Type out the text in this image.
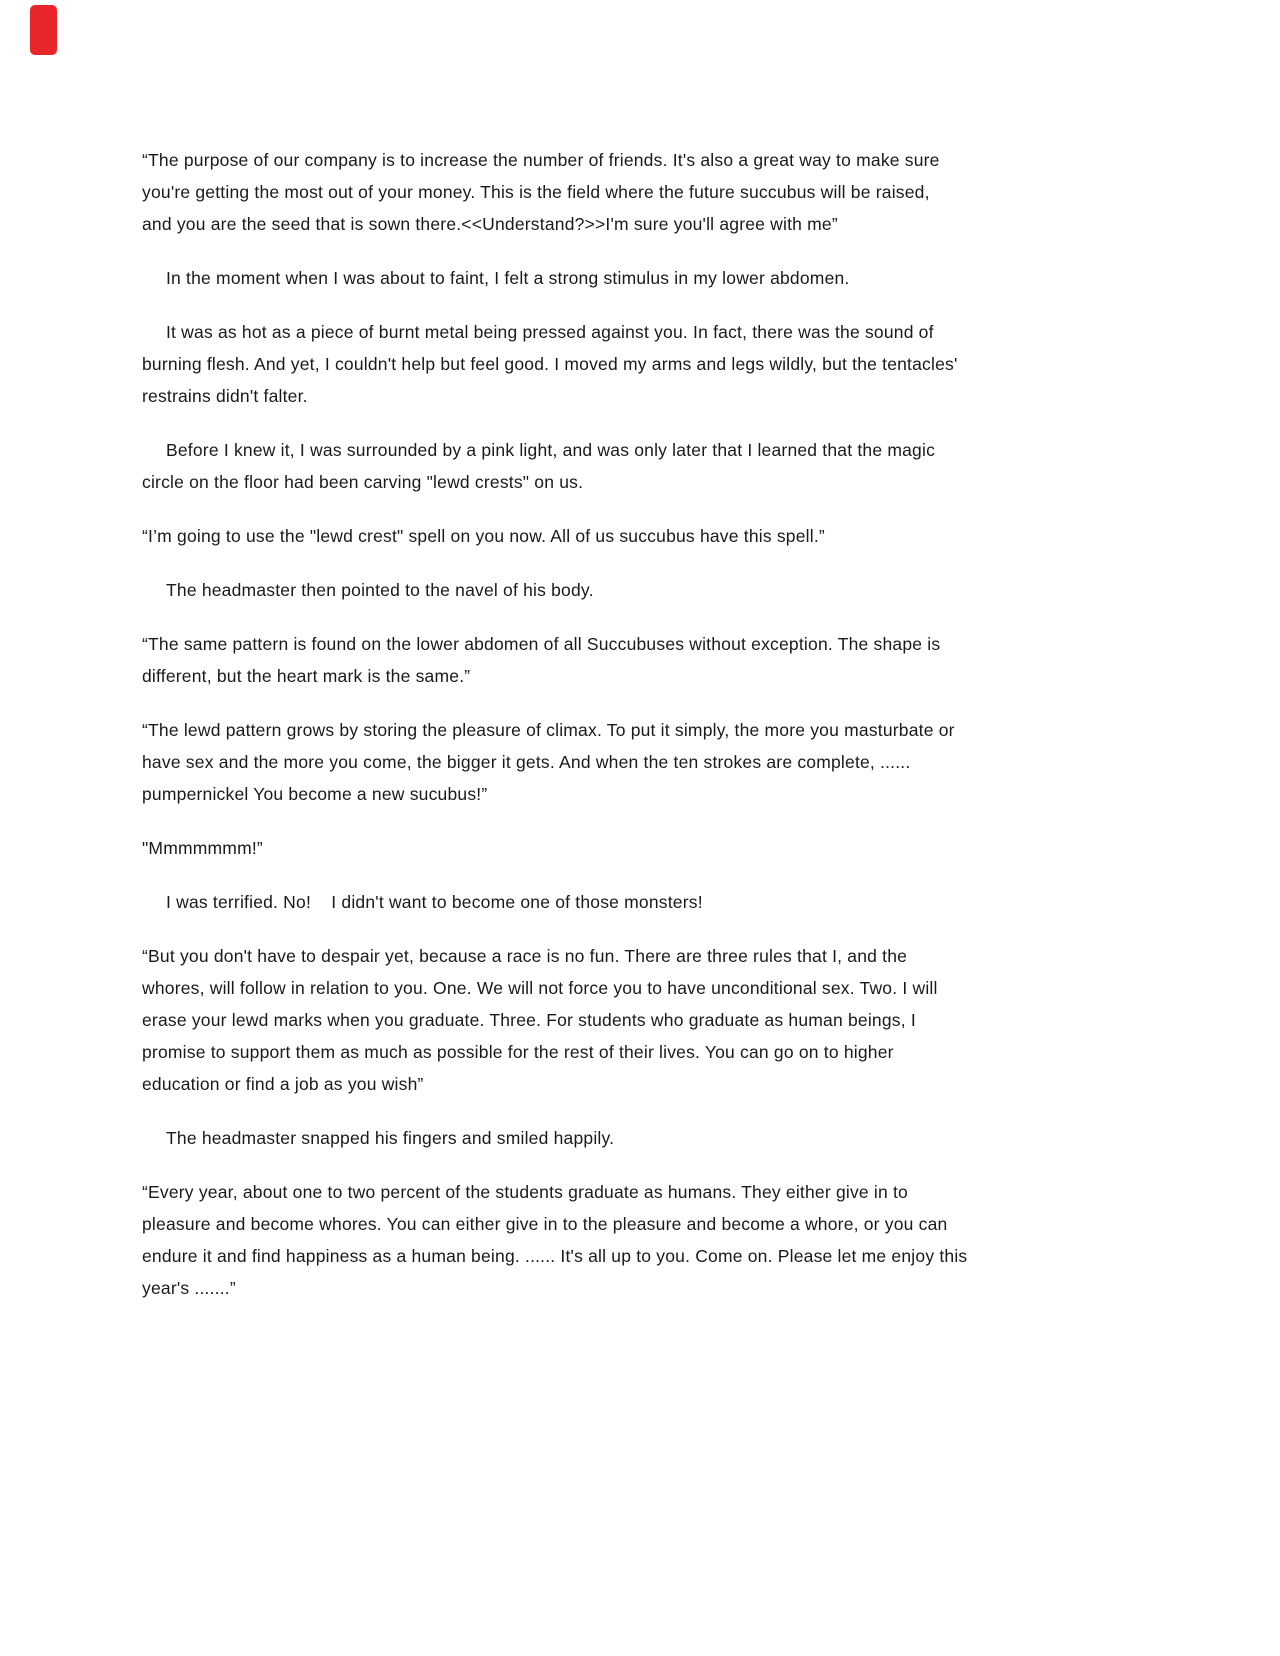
“The purpose of our company is to increase the number of friends. It's also a great way to make sure
you're getting the most out of your money. This is the field where the future succubus will be raised,
and you are the seed that is sown there.<<Understand?>>I'm sure you'll agree with me”

In the moment when I was about to faint, I felt a strong stimulus in my lower abdomen.

It was as hot as a piece of burnt metal being pressed against you. In fact, there was the sound of
burning flesh. And yet, I couldn't help but feel good. I moved my arms and legs wildly, but the tentacles'
restrains didn't falter.

Before I knew it, I was surrounded by a pink light, and was only later that I learned that the magic
circle on the floor had been carving "lewd crests" on us.

“I’m going to use the "lewd crest" spell on you now. All of us succubus have this spell.”

The headmaster then pointed to the navel of his body.

“The same pattern is found on the lower abdomen of all Succubuses without exception. The shape is
different, but the heart mark is the same.”

“The lewd pattern grows by storing the pleasure of climax. To put it simply, the more you masturbate or
have sex and the more you come, the bigger it gets. And when the ten strokes are complete, ......
pumpernickel You become a new sucubus!”

"Mmmmmmm!”

I was terrified. No!    I didn't want to become one of those monsters!

“But you don't have to despair yet, because a race is no fun. There are three rules that I, and the
whores, will follow in relation to you. One. We will not force you to have unconditional sex. Two. I will
erase your lewd marks when you graduate. Three. For students who graduate as human beings, I
promise to support them as much as possible for the rest of their lives. You can go on to higher
education or find a job as you wish”

The headmaster snapped his fingers and smiled happily.

“Every year, about one to two percent of the students graduate as humans. They either give in to
pleasure and become whores. You can either give in to the pleasure and become a whore, or you can
endure it and find happiness as a human being. ...... It's all up to you. Come on. Please let me enjoy this
year's .......”
